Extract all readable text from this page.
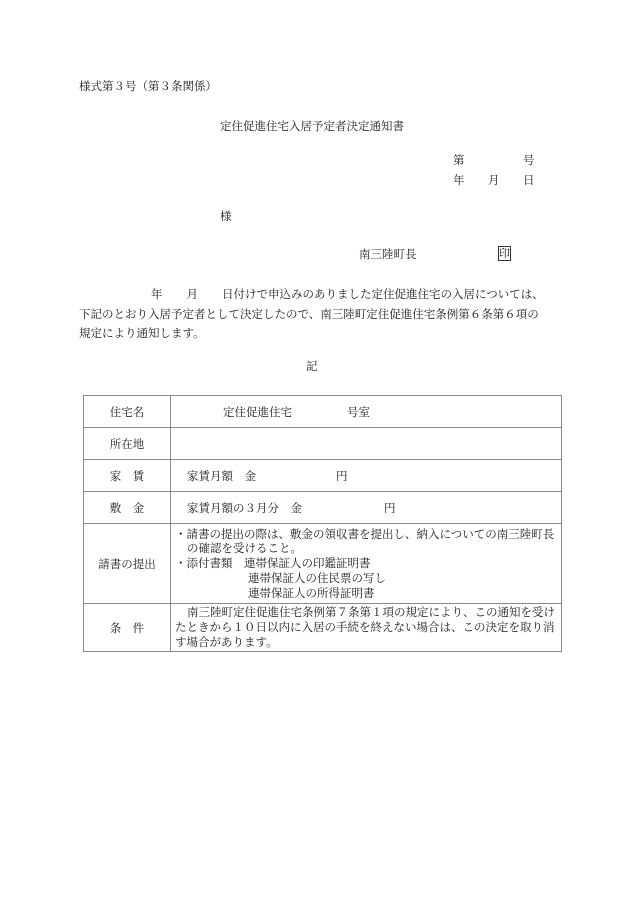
様式第３号（第３条関係）
定住促進住宅入居予定者決定通知書
第	号
年 月 日
様
南三陸町長	印
年 月 日付けで申込みのありました定住促進住宅の入居については、
下記のとおり入居予定者として決定したので、南三陸町定住促進住宅条例第６条第６項の
規定により通知します。
記
住宅名	定住促進住宅 号室
所在地	
家　賃	家賃月額　金 円
敷　金	家賃月額の３月分　金 円
請書の提出	・請書の提出の際は、敷金の領収書を提出し、納入についての南三陸町長
の確認を受けること。
・添付書類　連帯保証人の印鑑証明書
連帯保証人の住民票の写し
連帯保証人の所得証明書

条　件	南三陸町定住促進住宅条例第７条第１項の規定により、この通知を受け
たときから１０日以内に入居の手続を終えない場合は、この決定を取り消
す場合があります。
